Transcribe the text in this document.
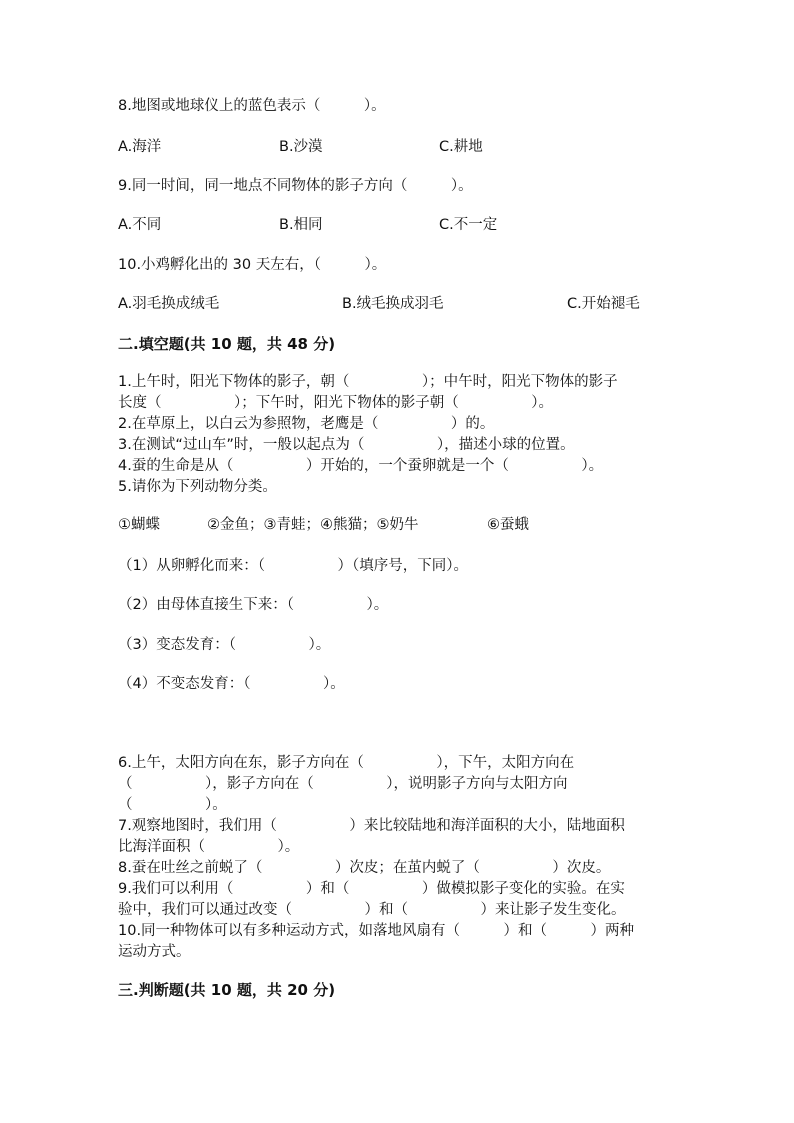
8.地图或地球仪上的蓝色表示（　　　）。
A.海洋	B.沙漠	C.耕地
9.同一时间，同一地点不同物体的影子方向（　　　）。
A.不同	B.相同	C.不一定
10.小鸡孵化出的 30 天左右，（　　　）。
A.羽毛换成绒毛	B.绒毛换成羽毛	C.开始褪毛
二.填空题(共 10 题，共 48 分)
1.上午时，阳光下物体的影子，朝（　　　　　）；中午时，阳光下物体的影子
长度（　　　　　）；下午时，阳光下物体的影子朝（　　　　　）。
2.在草原上，以白云为参照物，老鹰是（　　　　　）的。
3.在测试“过山车”时，一般以起点为（　　　　　），描述小球的位置。
4.蚕的生命是从（　　　　　）开始的，一个蚕卵就是一个（　　　　　）。
5.请你为下列动物分类。
①蝴蝶	②金鱼；③青蛙；④熊猫；⑤奶牛	⑥蚕蛾
（1）从卵孵化而来：（　　　　　）（填序号，下同）。
（2）由母体直接生下来：（　　　　　）。
（3）变态发育：（　　　　　）。
（4）不变态发育：（　　　　　）。
6.上午，太阳方向在东，影子方向在（　　　　　），下午，太阳方向在
（　　　　　），影子方向在（　　　　　），说明影子方向与太阳方向
（　　　　　）。
7.观察地图时，我们用（　　　　　）来比较陆地和海洋面积的大小，陆地面积
比海洋面积（　　　　　）。
8.蚕在吐丝之前蜕了（　　　　　）次皮；在茧内蜕了（　　　　　）次皮。
9.我们可以利用（　　　　　）和（　　　　　）做模拟影子变化的实验。在实
验中，我们可以通过改变（　　　　　）和（　　　　　）来让影子发生变化。
10.同一种物体可以有多种运动方式，如落地风扇有（　　　）和（　　　）两种
运动方式。
三.判断题(共 10 题，共 20 分)
